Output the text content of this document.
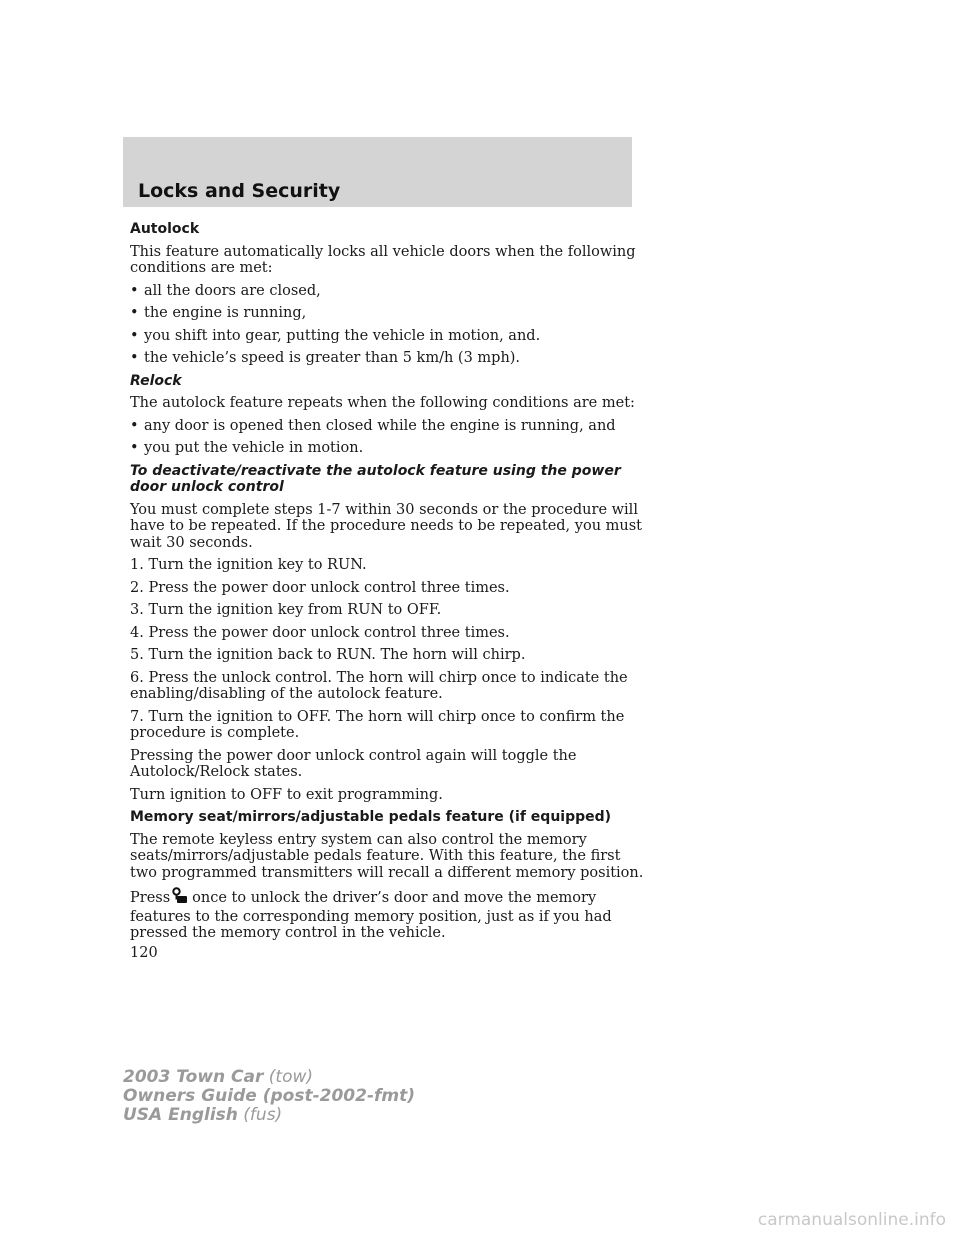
Locks and Security

Autolock

This feature automatically locks all vehicle doors when the following conditions are met:

• all the doors are closed,
• the engine is running,
• you shift into gear, putting the vehicle in motion, and.
• the vehicle’s speed is greater than 5 km/h (3 mph).

Relock

The autolock feature repeats when the following conditions are met:

• any door is opened then closed while the engine is running, and
• you put the vehicle in motion.

To deactivate/reactivate the autolock feature using the power door unlock control

You must complete steps 1-7 within 30 seconds or the procedure will have to be repeated. If the procedure needs to be repeated, you must wait 30 seconds.

1. Turn the ignition key to RUN.

2. Press the power door unlock control three times.

3. Turn the ignition key from RUN to OFF.

4. Press the power door unlock control three times.

5. Turn the ignition back to RUN. The horn will chirp.

6. Press the unlock control. The horn will chirp once to indicate the enabling/disabling of the autolock feature.

7. Turn the ignition to OFF. The horn will chirp once to confirm the procedure is complete.

Pressing the power door unlock control again will toggle the Autolock/Relock states.

Turn ignition to OFF to exit programming.

Memory seat/mirrors/adjustable pedals feature (if equipped)

The remote keyless entry system can also control the memory seats/mirrors/adjustable pedals feature. With this feature, the first two programmed transmitters will recall a different memory position.

Press once to unlock the driver’s door and move the memory features to the corresponding memory position, just as if you had pressed the memory control in the vehicle.

120
2003 Town Car (tow)
Owners Guide (post-2002-fmt)
USA English (fus)
carmanualsonline.info
